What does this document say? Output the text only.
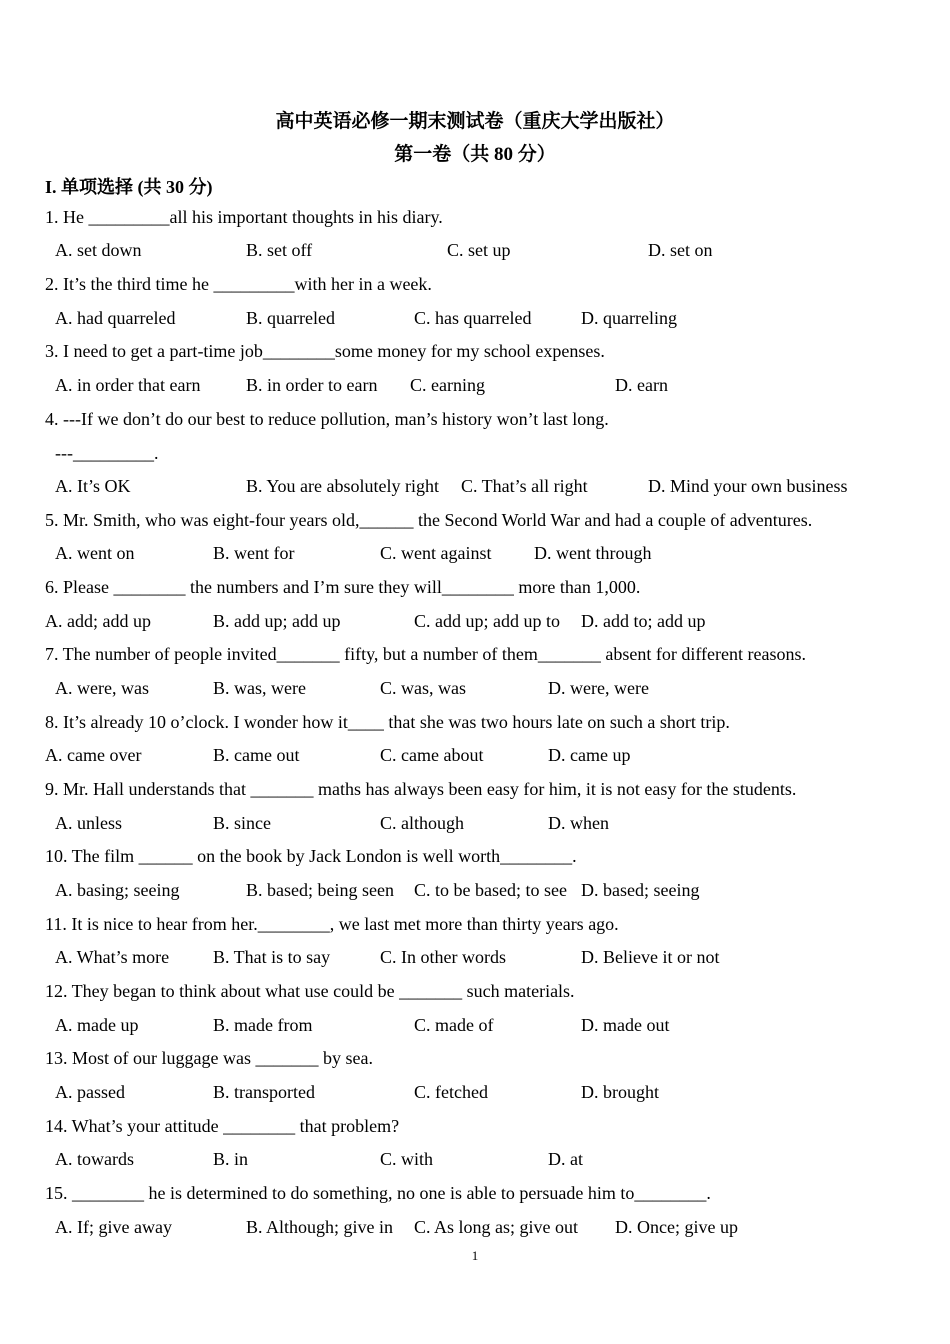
高中英语必修一期末测试卷（重庆大学出版社）
第一卷（共 80 分）
I. 单项选择 (共 30 分)
1. He _________all his important thoughts in his diary.
A. set down	B. set off	C. set up	D. set on
2. It’s the third time he _________with her in a week.
A. had quarreled	B. quarreled	C. has quarreled	D. quarreling
3. I need to get a part-time job________some money for my school expenses.
A. in order that earn	B. in order to earn C. earning	D. earn
4. ---If we don’t do our best to reduce pollution, man’s history won’t last long.
---_________.
A. It’s OK	B. You are absolutely right C. That’s all right	D. Mind your own business
5. Mr. Smith, who was eight-four years old,______ the Second World War and had a couple of adventures.
A. went on	B. went for	C. went against D. went through
6. Please ________ the numbers and I’m sure they will________ more than 1,000.
A. add; add up	B. add up; add up	C. add up; add up to D. add to; add up
7. The number of people invited_______ fifty, but a number of them_______ absent for different reasons.
A. were, was	B. was, were	C. was, was	D. were, were
8. It’s already 10 o’clock. I wonder how it____ that she was two hours late on such a short trip.
A. came over	B. came out	C. came about	D. came up
9. Mr. Hall understands that _______ maths has always been easy for him, it is not easy for the students.
A. unless	B. since	C. although	D. when
10. The film ______ on the book by Jack London is well worth________.
A. basing; seeing	B. based; being seen C. to be based; to see D. based; seeing
11. It is nice to hear from her.________, we last met more than thirty years ago.
A. What’s more B. That is to say	C. In other words	D. Believe it or not
12. They began to think about what use could be _______ such materials.
A. made up	B. made from	C. made of	D. made out
13. Most of our luggage was _______ by sea.
A. passed	B. transported	C. fetched	D. brought
14. What’s your attitude ________ that problem?
A. towards	B. in	C. with	D. at
15. ________ he is determined to do something, no one is able to persuade him to________.
A. If; give away	B. Although; give in C. As long as; give out D. Once; give up
1
